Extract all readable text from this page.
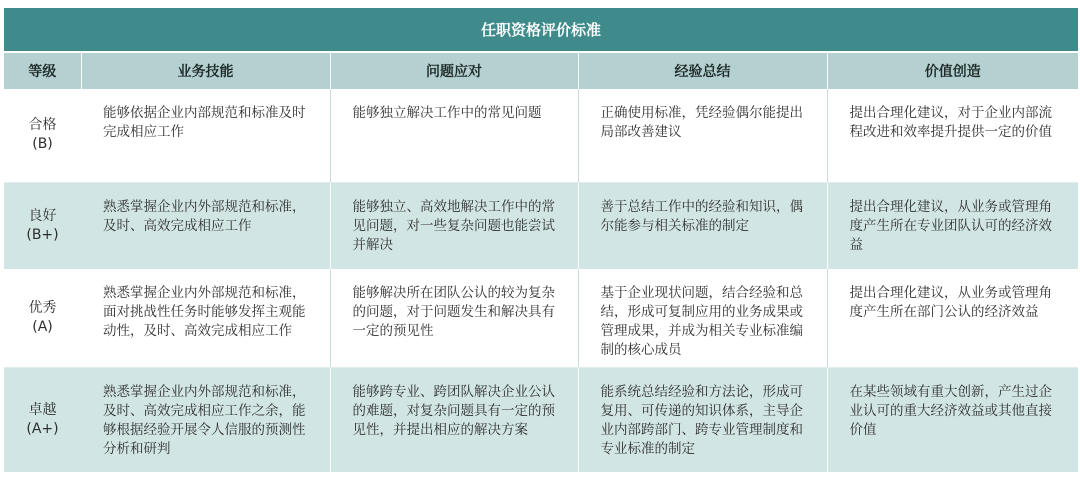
任职资格评价标准				
等级	业务技能	问题应对	经验总结	价值创造

合格
(B)	能够依据企业内部规范和标准及时完成相应工作	能够独立解决工作中的常见问题	正确使用标准，凭经验偶尔能提出局部改善建议	提出合理化建议，对于企业内部流程改进和效率提升提供一定的价值

良好
(B+)	熟悉掌握企业内外部规范和标准，及时、高效完成相应工作	能够独立、高效地解决工作中的常见问题，对一些复杂问题也能尝试并解决	善于总结工作中的经验和知识，偶尔能参与相关标准的制定	提出合理化建议，从业务或管理角度产生所在专业团队认可的经济效益

优秀
(A)	熟悉掌握企业内外部规范和标准，面对挑战性任务时能够发挥主观能动性，及时、高效完成相应工作	能够解决所在团队公认的较为复杂的问题，对于问题发生和解决具有一定的预见性	基于企业现状问题，结合经验和总结，形成可复制应用的业务成果或管理成果，并成为相关专业标准编制的核心成员	提出合理化建议，从业务或管理角度产生所在部门公认的经济效益

卓越
(A+)	熟悉掌握企业内外部规范和标准，及时、高效完成相应工作之余，能够根据经验开展令人信服的预测性分析和研判	能够跨专业、跨团队解决企业公认的难题，对复杂问题具有一定的预见性，并提出相应的解决方案	能系统总结经验和方法论，形成可复用、可传递的知识体系，主导企业内部跨部门、跨专业管理制度和专业标准的制定	在某些领域有重大创新，产生过企业认可的重大经济效益或其他直接价值
